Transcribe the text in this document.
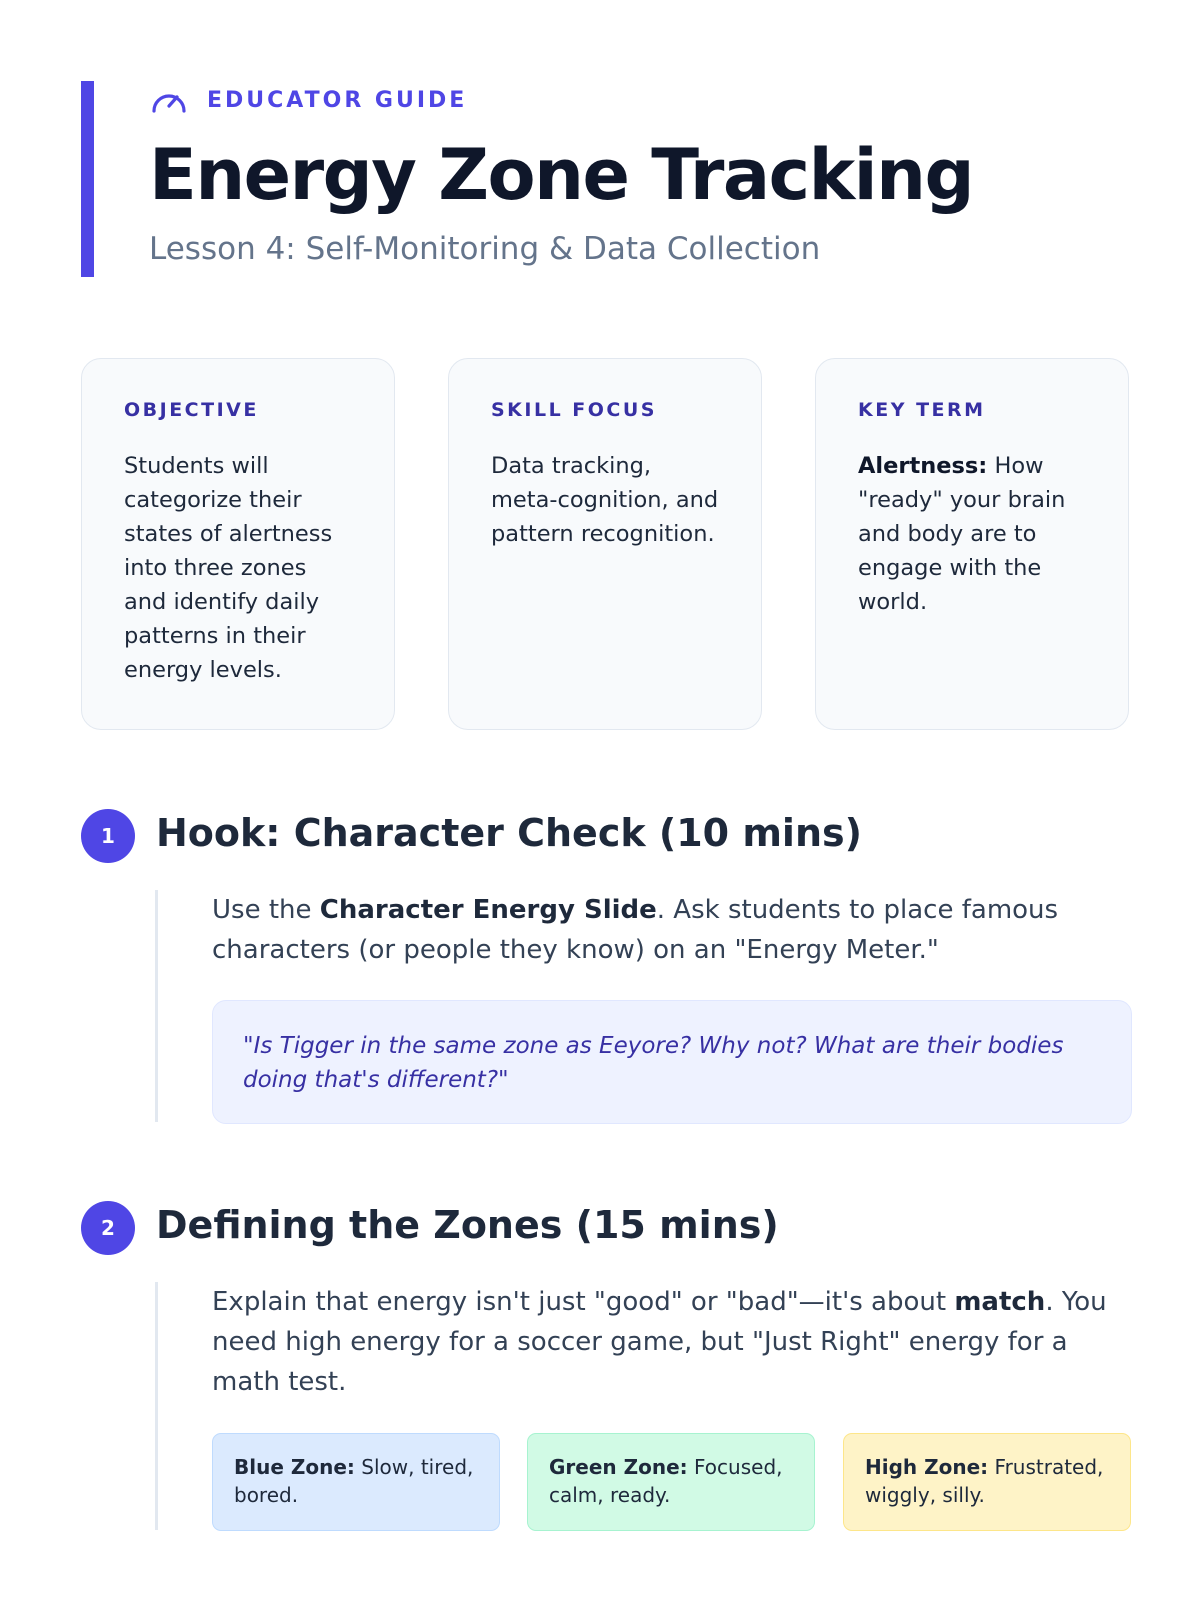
EDUCATOR GUIDE
Energy Zone Tracking
Lesson 4: Self-Monitoring & Data Collection
OBJECTIVE
Students will categorize their states of alertness into three zones and identify daily patterns in their energy levels.
SKILL FOCUS
Data tracking, meta-cognition, and pattern recognition.
KEY TERM
Alertness: How "ready" your brain and body are to engage with the world.
1	Hook: Character Check (10 mins)
Use the Character Energy Slide. Ask students to place famous characters (or people they know) on an "Energy Meter."
"Is Tigger in the same zone as Eeyore? Why not? What are their bodies doing that's different?"
2	Defining the Zones (15 mins)
Explain that energy isn't just "good" or "bad"—it's about match. You need high energy for a soccer game, but "Just Right" energy for a math test.
Blue Zone: Slow, tired, bored.
Green Zone: Focused, calm, ready.
High Zone: Frustrated, wiggly, silly.
